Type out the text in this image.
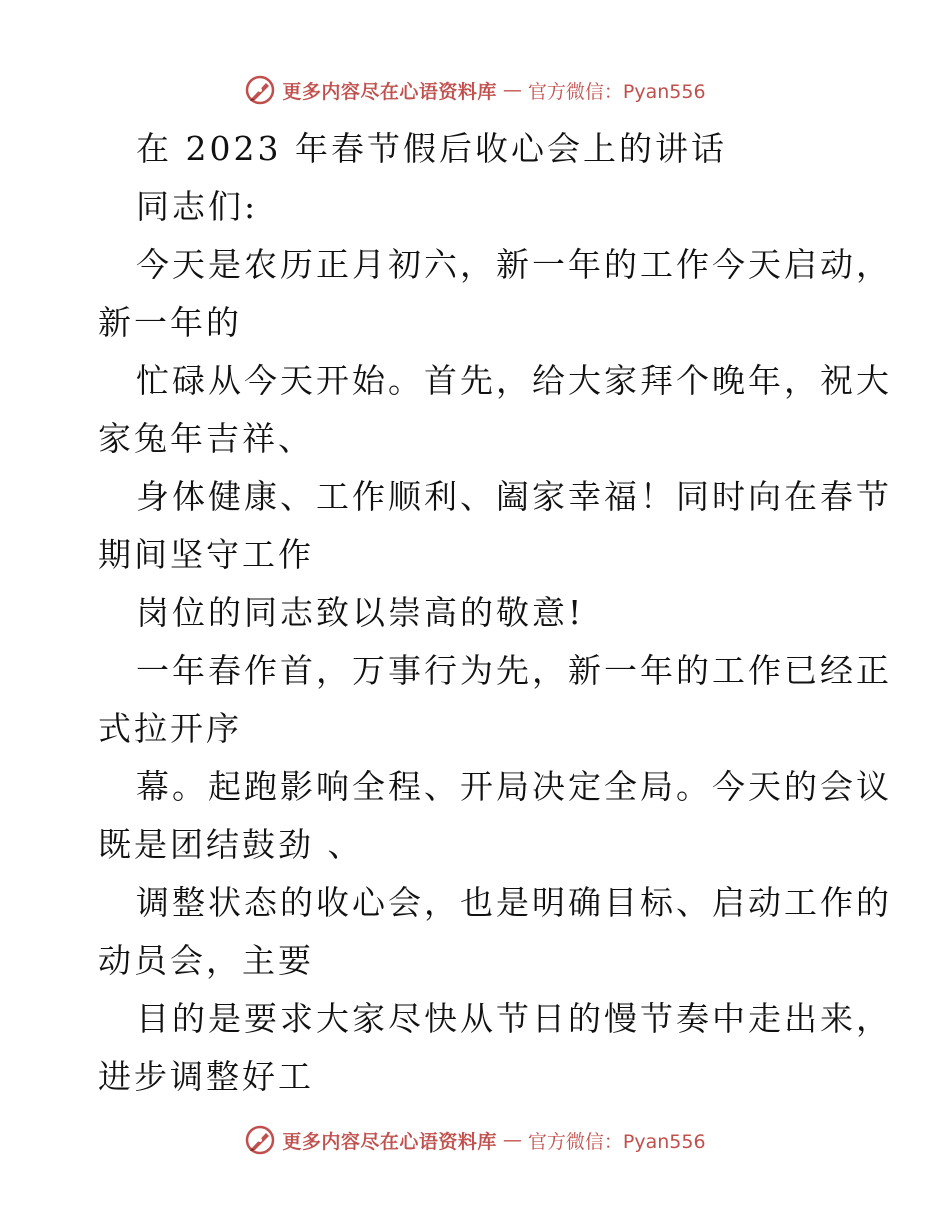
更多内容尽在心语资料库 — 官方微信：Pyan556
在 2023 年春节假后收心会上的讲话
同志们:
今天是农历正月初六，新一年的工作今天启动，
新一年的
忙碌从今天开始。首先，给大家拜个晚年，祝大
家兔年吉祥、
身体健康、工作顺利、阖家幸福！同时向在春节
期间坚守工作
岗位的同志致以崇高的敬意!
一年春作首，万事行为先，新一年的工作已经正
式拉开序
幕。起跑影响全程、开局决定全局。今天的会议
既是团结鼓劲 、
调整状态的收心会，也是明确目标、启动工作的
动员会，主要
目的是要求大家尽快从节日的慢节奏中走出来，
进步调整好工
更多内容尽在心语资料库 — 官方微信：Pyan556
